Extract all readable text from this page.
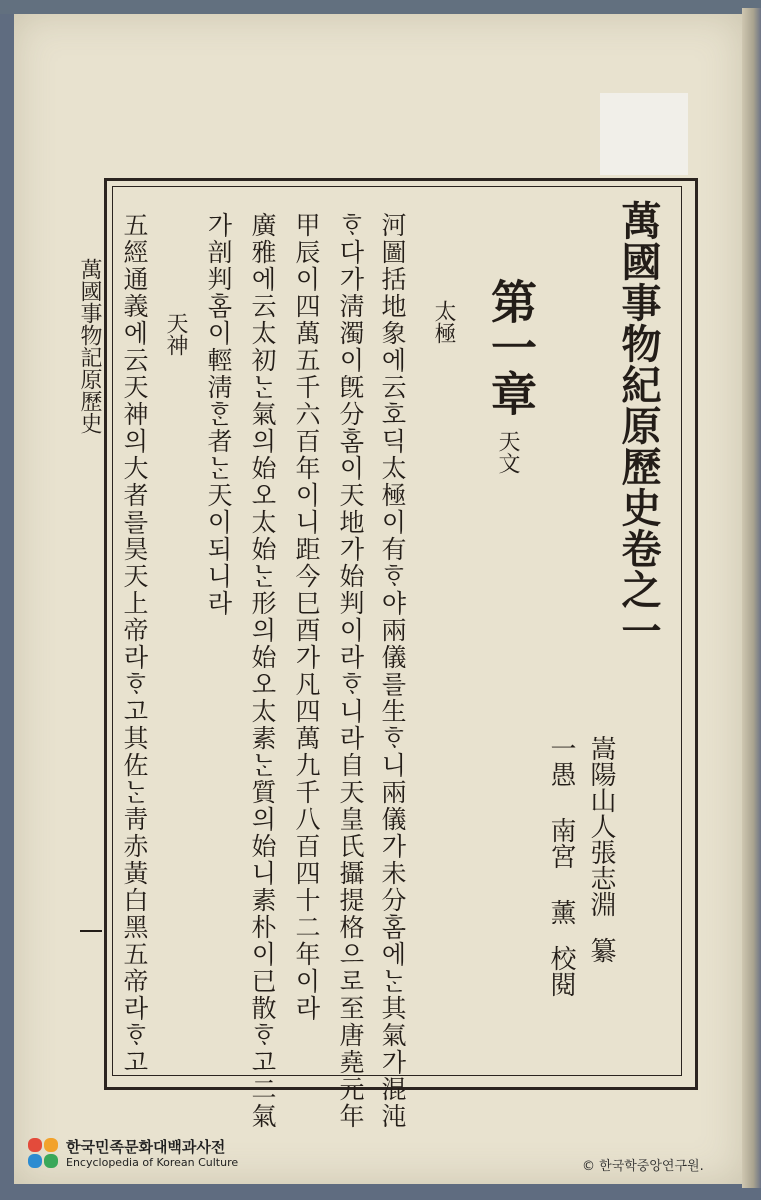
萬國事物紀原歷史卷之一
嵩陽山人張志淵纂
一愚 南宮 薰校閱
第一章
天文
太極
河圖括地象에云호딕太極이有ᄒᆞ야兩儀를生ᄒᆞ니兩儀가未分홈에ᄂᆞᆫ其氣가混沌
ᄒᆞ다가淸濁이旣分홈이天地가始判이라ᄒᆞ니라自天皇氏攝提格으로至唐堯元年
甲辰이四萬五千六百年이니距今巳酉가凡四萬九千八百四十二年이라
廣雅에云太初ᄂᆞᆫ氣의始오太始ᄂᆞᆫ形의始오太素ᄂᆞᆫ質의始니素朴이已散ᄒᆞ고二氣
가剖判홈이輕淸ᄒᆞᆫ者ᄂᆞᆫ天이되니라
天神
五經通義에云天神의大者를昊天上帝라ᄒᆞ고其佐ᄂᆞᆫ靑赤黃白黑五帝라ᄒᆞ고
萬國事物記原歷史
한국민족문화대백과사전
Encyclopedia of Korean Culture	© 한국학중앙연구원.
